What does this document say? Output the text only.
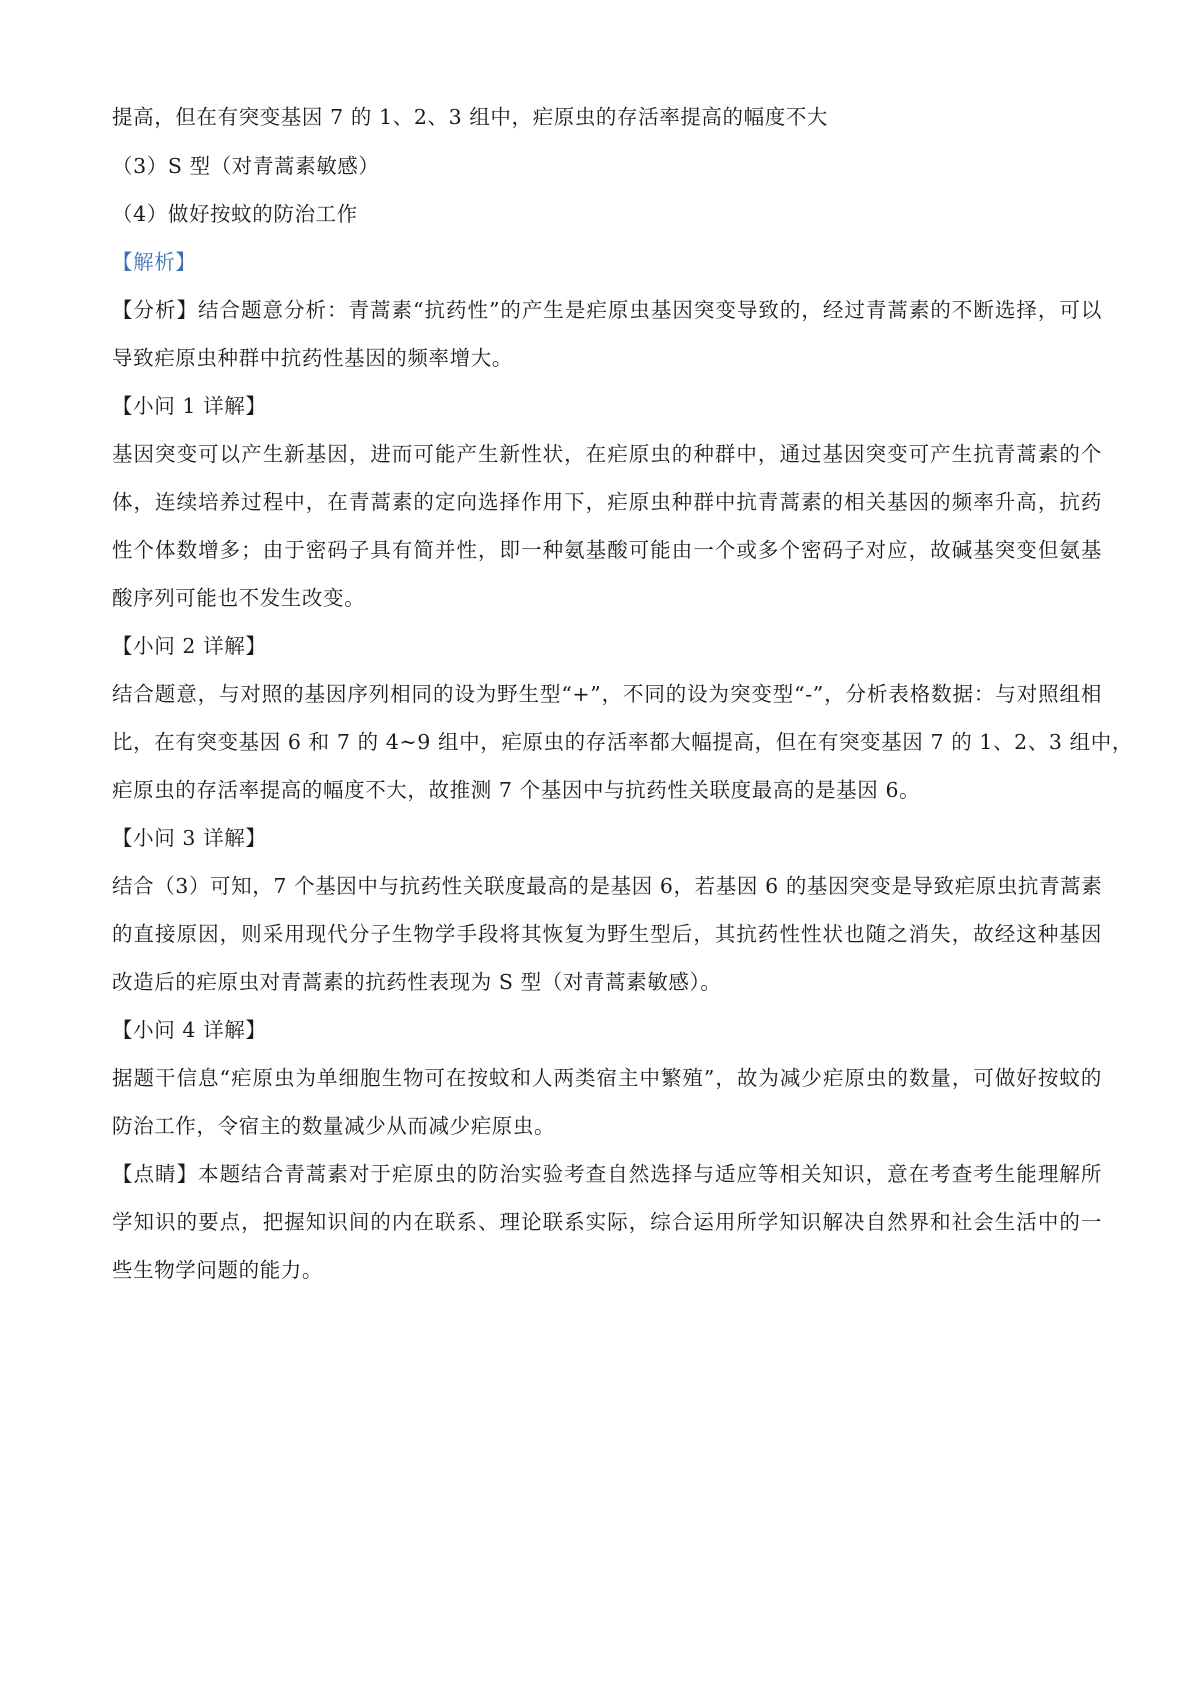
提高，但在有突变基因 7 的 1、2、3 组中，疟原虫的存活率提高的幅度不大
（3）S 型（对青蒿素敏感）
（4）做好按蚊的防治工作
【解析】
【分析】结合题意分析：青蒿素“抗药性”的产生是疟原虫基因突变导致的，经过青蒿素的不断选择，可以
导致疟原虫种群中抗药性基因的频率增大。
【小问 1 详解】
基因突变可以产生新基因，进而可能产生新性状，在疟原虫的种群中，通过基因突变可产生抗青蒿素的个
体，连续培养过程中，在青蒿素的定向选择作用下，疟原虫种群中抗青蒿素的相关基因的频率升高，抗药
性个体数增多；由于密码子具有简并性，即一种氨基酸可能由一个或多个密码子对应，故碱基突变但氨基
酸序列可能也不发生改变。
【小问 2 详解】
结合题意，与对照的基因序列相同的设为野生型“+”，不同的设为突变型“-”，分析表格数据：与对照组相
比，在有突变基因 6 和 7 的 4~9 组中，疟原虫的存活率都大幅提高，但在有突变基因 7 的 1、2、3 组中，
疟原虫的存活率提高的幅度不大，故推测 7 个基因中与抗药性关联度最高的是基因 6。
【小问 3 详解】
结合（3）可知，7 个基因中与抗药性关联度最高的是基因 6，若基因 6 的基因突变是导致疟原虫抗青蒿素
的直接原因，则采用现代分子生物学手段将其恢复为野生型后，其抗药性性状也随之消失，故经这种基因
改造后的疟原虫对青蒿素的抗药性表现为 S 型（对青蒿素敏感）。
【小问 4 详解】
据题干信息“疟原虫为单细胞生物可在按蚊和人两类宿主中繁殖”，故为减少疟原虫的数量，可做好按蚊的
防治工作，令宿主的数量减少从而减少疟原虫。
【点睛】本题结合青蒿素对于疟原虫的防治实验考查自然选择与适应等相关知识，意在考查考生能理解所
学知识的要点，把握知识间的内在联系、理论联系实际，综合运用所学知识解决自然界和社会生活中的一
些生物学问题的能力。
